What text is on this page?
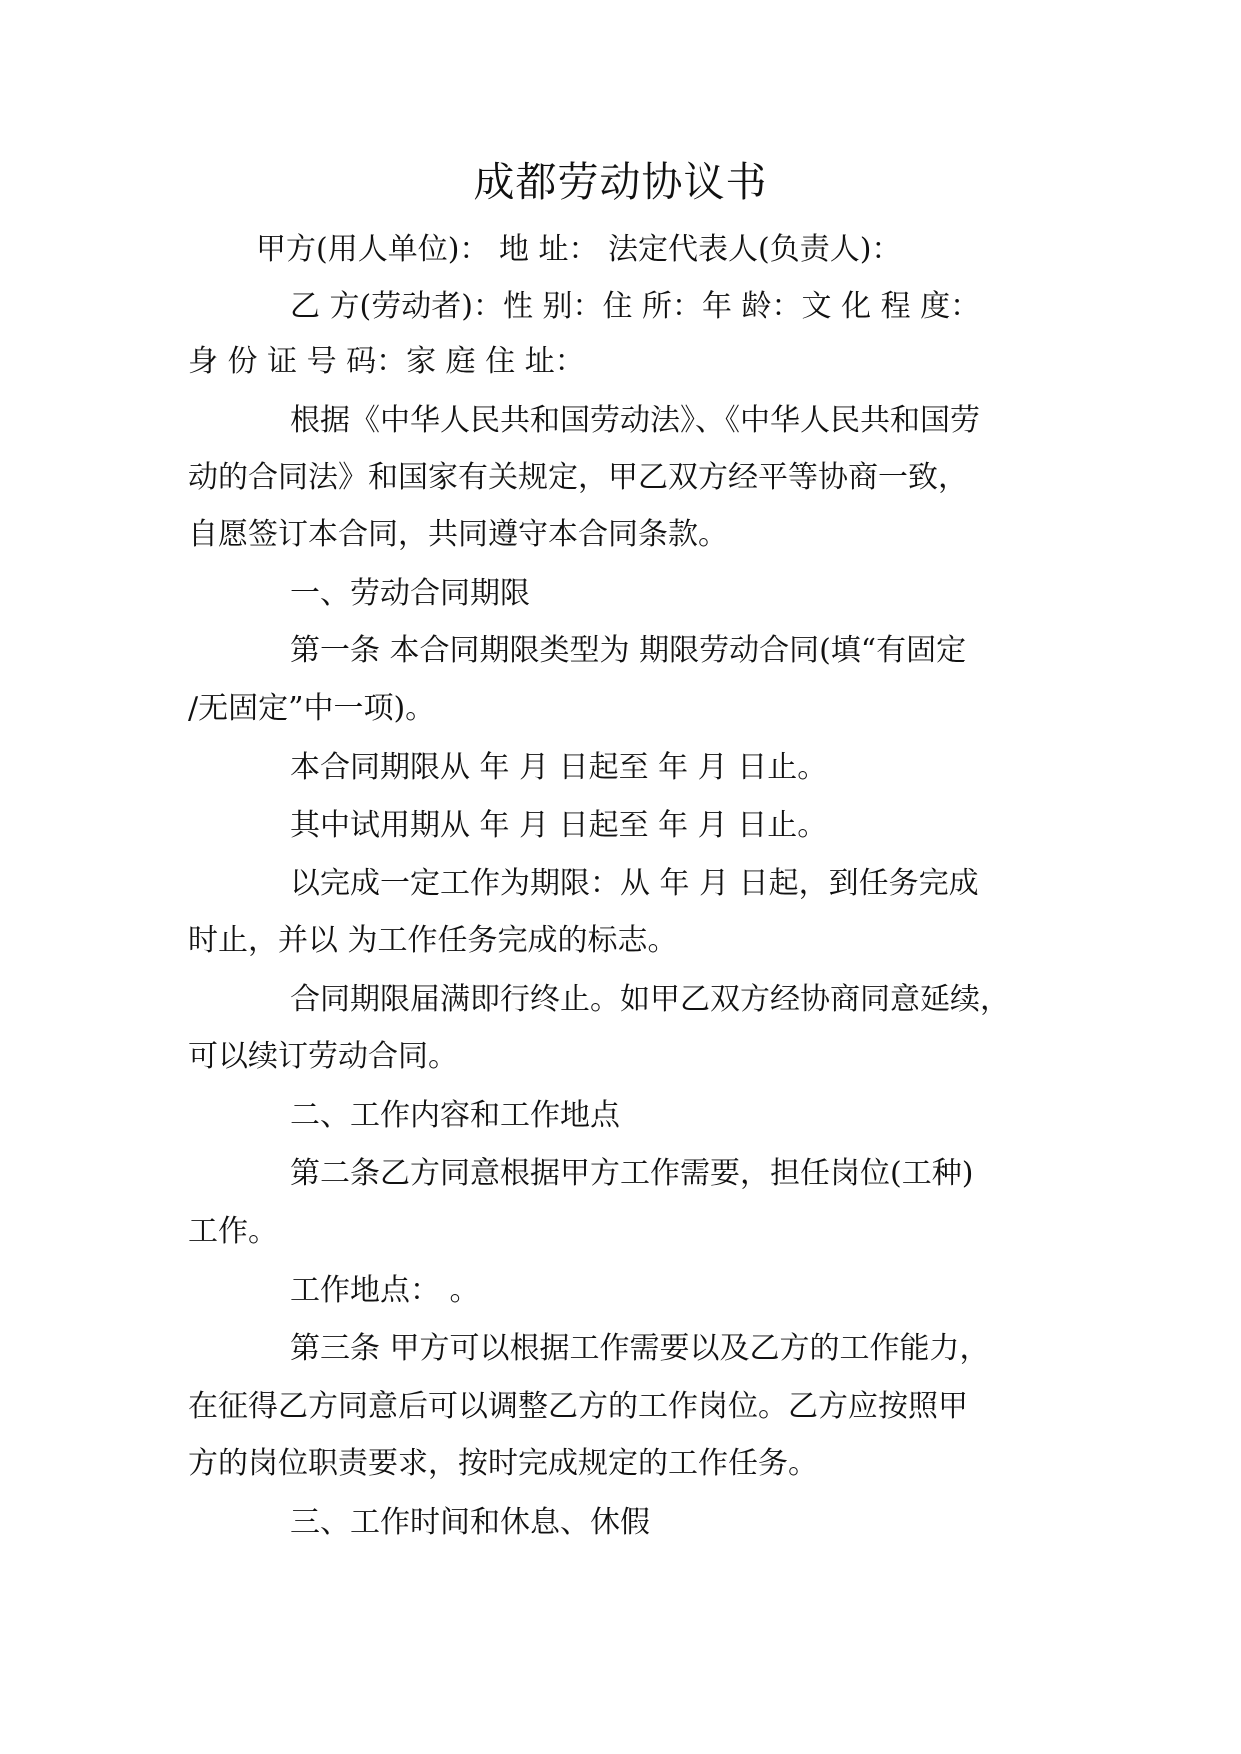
成都劳动协议书

甲方(用人单位)： 地 址： 法定代表人(负责人)：

乙 方(劳动者)：性 别：住 所：年 龄：文 化 程 度：

身 份 证 号 码：家 庭 住 址：

根据《中华人民共和国劳动法》、《中华人民共和国劳

动的合同法》和国家有关规定，甲乙双方经平等协商一致，

自愿签订本合同，共同遵守本合同条款。

一、劳动合同期限

第一条 本合同期限类型为 期限劳动合同(填“有固定

/无固定”中一项)。

本合同期限从 年 月 日起至 年 月 日止。

其中试用期从 年 月 日起至 年 月 日止。

以完成一定工作为期限：从 年 月 日起，到任务完成

时止，并以 为工作任务完成的标志。

合同期限届满即行终止。如甲乙双方经协商同意延续，

可以续订劳动合同。

二、工作内容和工作地点

第二条乙方同意根据甲方工作需要，担任岗位(工种)

工作。

工作地点： 。

第三条 甲方可以根据工作需要以及乙方的工作能力，

在征得乙方同意后可以调整乙方的工作岗位。乙方应按照甲

方的岗位职责要求，按时完成规定的工作任务。

三、工作时间和休息、休假
